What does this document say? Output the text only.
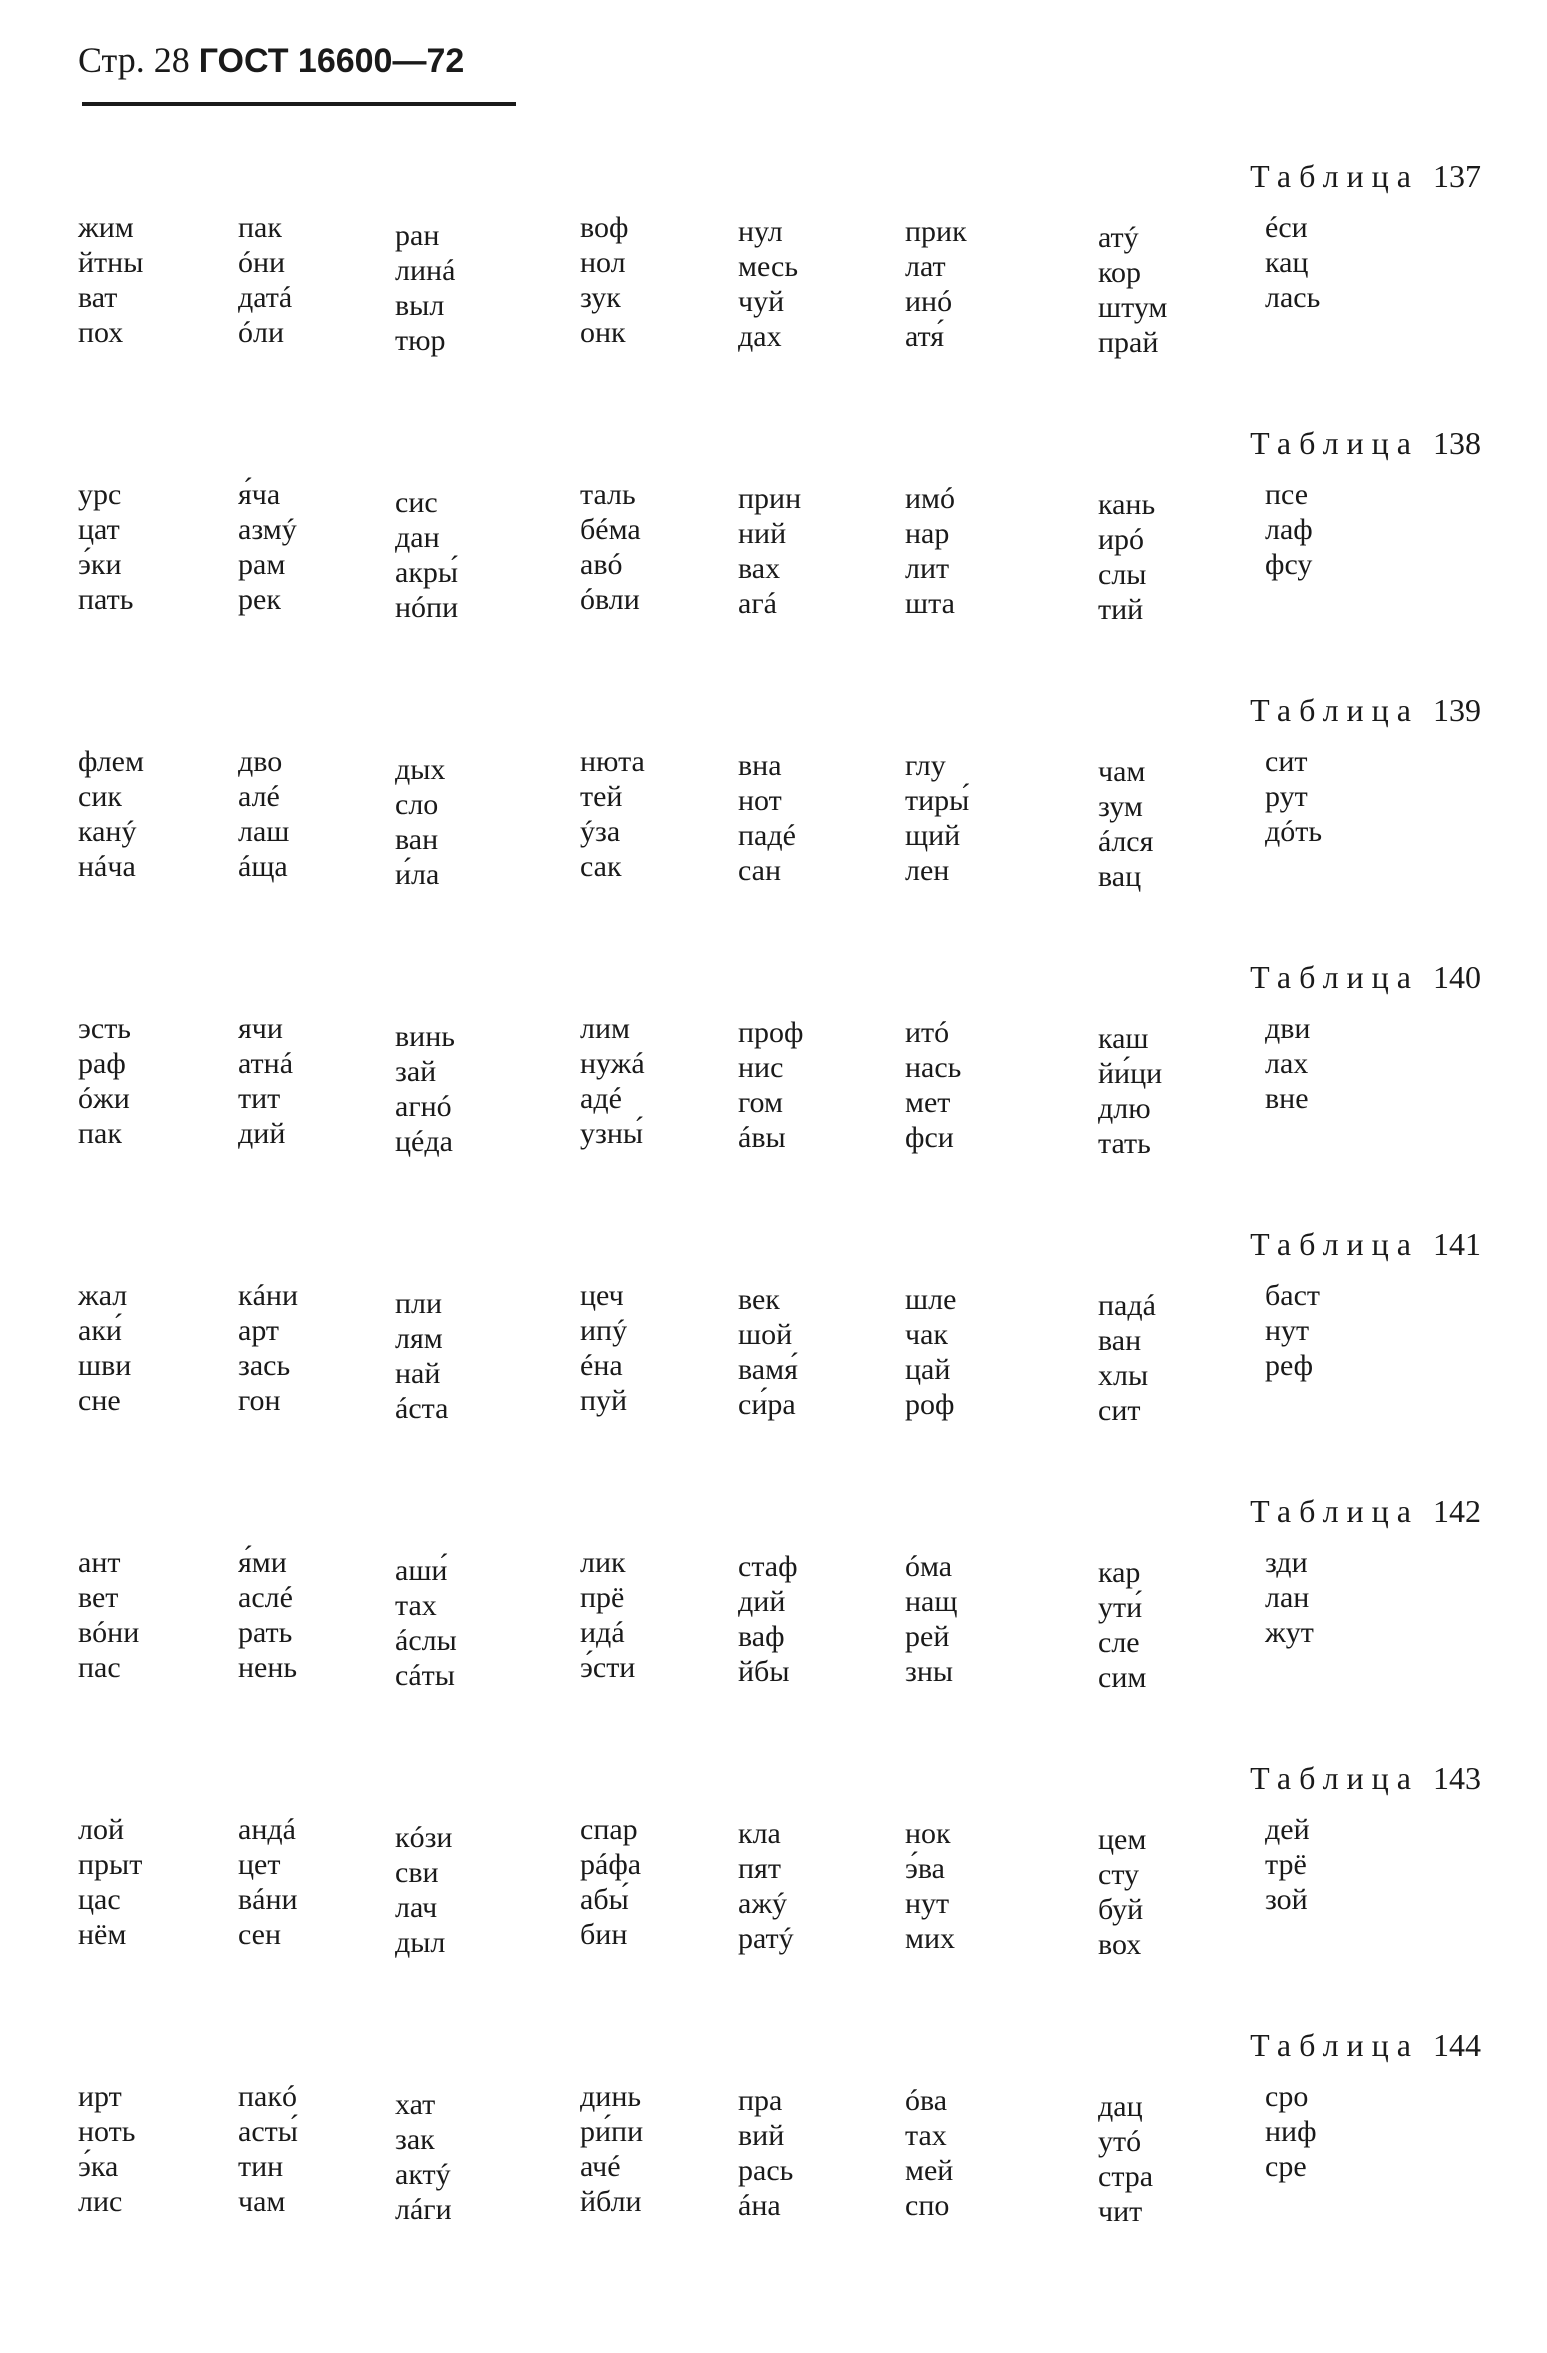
Стр. 28 ГОСТ 16600—72
Таблица 137
жим
йтны
ват
пох
пак
óни
датá
óли
ран
линá
выл
тюр
воф
нол
зук
онк
нул
месь
чуй
дах
прик
лат
инó
атя́
атý
кор
штум
прай
éси
кац
лась
Таблица 138
урс
цат
э́ки
пать
я́ча
азмý
рам
рек
сис
дан
акры́
нóпи
таль
бéма
авó
óвли
прин
ний
вах
агá
имó
нар
лит
шта
кань
ирó
слы
тий
псе
лаф
фсу
Таблица 139
флем
сик
канý
нáча
дво
алé
лаш
áща
дых
сло
ван
и́ла
нюта
тей
ýза
сак
вна
нот
падé
сан
глу
тиры́
щий
лен
чам
зум
áлся
вац
сит
рут
дóть
Таблица 140
эсть
раф
óжи
пак
ячи
атнá
тит
дий
винь
зай
агнó
цéда
лим
нужá
адé
узны́
проф
нис
гом
áвы
итó
нась
мет
фси
каш
йи́ци
длю
тать
дви
лах
вне
Таблица 141
жал
аки́
шви
сне
кáни
арт
зась
гон
пли
лям
най
áста
цеч
ипý
éна
пуй
век
шой
вамя́
си́ра
шле
чак
цай
роф
падá
ван
хлы
сит
баст
нут
реф
Таблица 142
ант
вет
вóни
пас
я́ми
аслé
рать
нень
аши́
тах
áслы
сáты
лик
прё
идá
э́сти
стаф
дий
ваф
йбы
óма
нащ
рей
зны
кар
ути́
сле
сим
зди
лан
жут
Таблица 143
лой
прыт
цас
нём
андá
цет
вáни
сен
кóзи
сви
лач
дыл
спар
рáфа
абы́
бин
кла
пят
ажý
ратý
нок
э́ва
нут
мих
цем
сту
буй
вох
дей
трё
зой
Таблица 144
ирт
ноть
э́ка
лис
пакó
асты́
тин
чам
хат
зак
актý
лáги
динь
ри́пи
ачé
йбли
пра
вий
рась
áна
óва
тах
мей
спо
дац
утó
стра
чит
сро
ниф
сре
